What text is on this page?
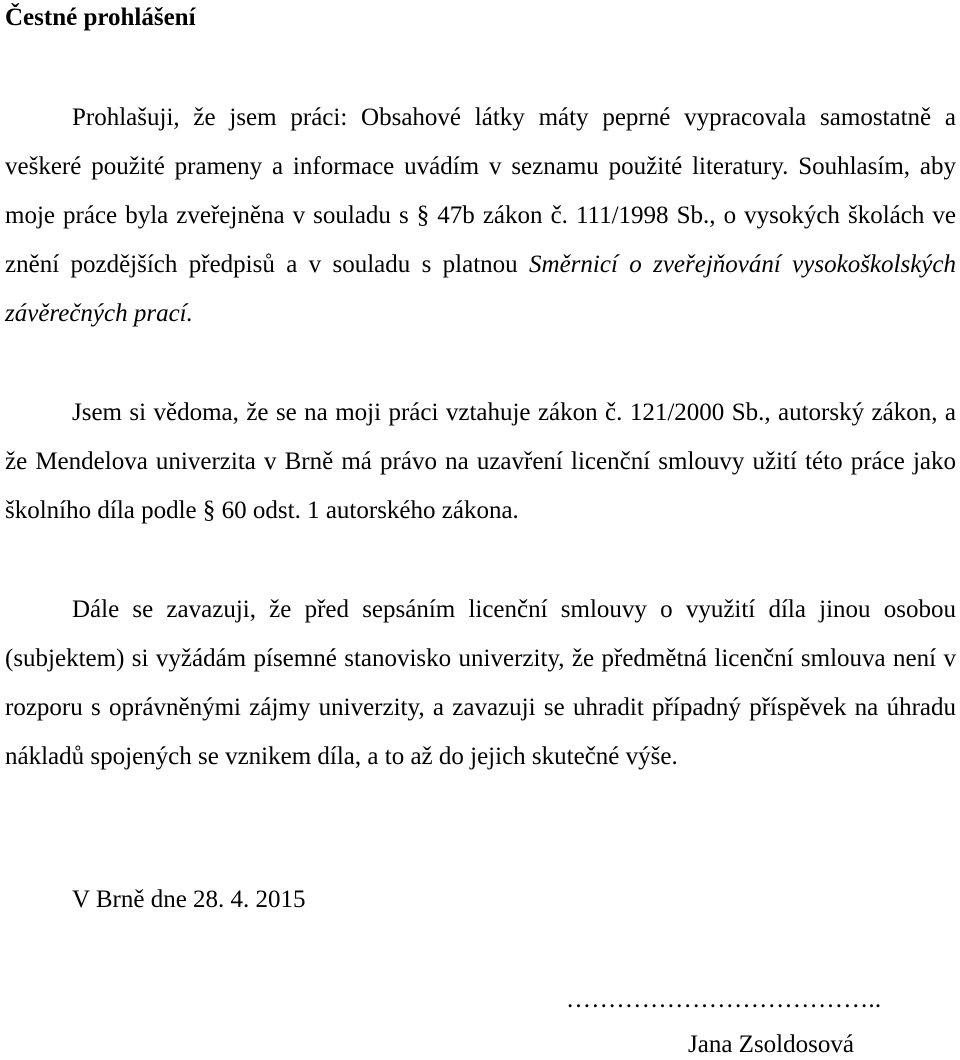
Čestné prohlášení

Prohlašuji, že jsem práci: Obsahové látky máty peprné vypracovala samostatně a veškeré použité prameny a informace uvádím v seznamu použité literatury. Souhlasím, aby moje práce byla zveřejněna v souladu s § 47b zákon č. 111/1998 Sb., o vysokých školách ve znění pozdějších předpisů a v souladu s platnou Směrnicí o zveřejňování vysokoškolských závěrečných prací.

Jsem si vědoma, že se na moji práci vztahuje zákon č. 121/2000 Sb., autorský zákon, a že Mendelova univerzita v Brně má právo na uzavření licenční smlouvy užití této práce jako školního díla podle § 60 odst. 1 autorského zákona.

Dále se zavazuji, že před sepsáním licenční smlouvy o využití díla jinou osobou (subjektem) si vyžádám písemné stanovisko univerzity, že předmětná licenční smlouva není v rozporu s oprávněnými zájmy univerzity, a zavazuji se uhradit případný příspěvek na úhradu nákladů spojených se vznikem díla, a to až do jejich skutečné výše.

V Brně dne 28. 4. 2015

………………………………..

Jana Zsoldosová
